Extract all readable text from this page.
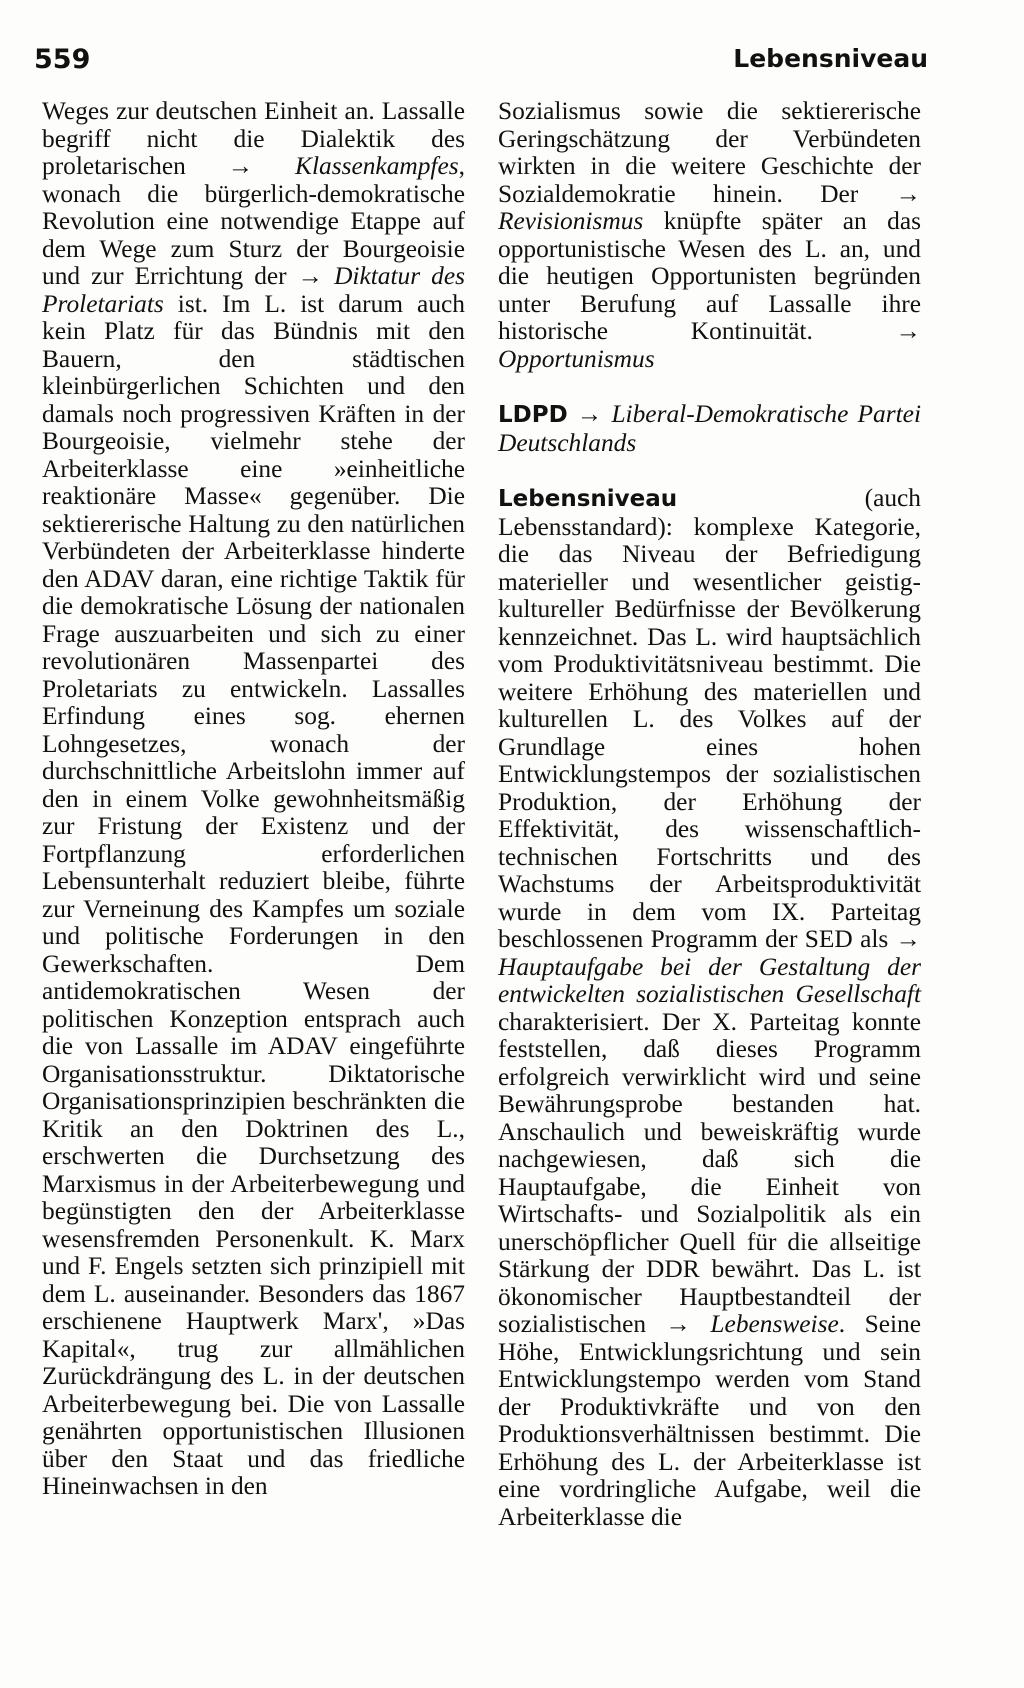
559	Lebensniveau

Weges zur deutschen Einheit an. Lassalle begriff nicht die Dialektik des proletarischen → Klassenkampfes, wonach die bürgerlich-demokratische Revolution eine notwendige Etappe auf dem Wege zum Sturz der Bourgeoisie und zur Errichtung der → Diktatur des Proletariats ist. Im L. ist darum auch kein Platz für das Bündnis mit den Bauern, den städtischen kleinbürgerlichen Schichten und den damals noch progressiven Kräften in der Bourgeoisie, vielmehr stehe der Arbeiterklasse eine »einheitliche reaktionäre Masse« gegenüber. Die sektiererische Haltung zu den natürlichen Verbündeten der Arbeiterklasse hinderte den ADAV daran, eine richtige Taktik für die demokratische Lösung der nationalen Frage auszuarbeiten und sich zu einer revolutionären Massenpartei des Proletariats zu entwickeln. Lassalles Erfindung eines sog. ehernen Lohngesetzes, wonach der durchschnittliche Arbeitslohn immer auf den in einem Volke gewohnheitsmäßig zur Fristung der Existenz und der Fortpflanzung erforderlichen Lebensunterhalt reduziert bleibe, führte zur Verneinung des Kampfes um soziale und politische Forderungen in den Gewerkschaften. Dem antidemokratischen Wesen der politischen Konzeption entsprach auch die von Lassalle im ADAV eingeführte Organisationsstruktur. Diktatorische Organisationsprinzipien beschränkten die Kritik an den Doktrinen des L., erschwerten die Durchsetzung des Marxismus in der Arbeiterbewegung und begünstigten den der Arbeiterklasse wesensfremden Personenkult. K. Marx und F. Engels setzten sich prinzipiell mit dem L. auseinander. Besonders das 1867 erschienene Hauptwerk Marx', »Das Kapital«, trug zur allmählichen Zurückdrängung des L. in der deutschen Arbeiterbewegung bei. Die von Lassalle genährten opportunistischen Illusionen über den Staat und das friedliche Hineinwachsen in den

Sozialismus sowie die sektiererische Geringschätzung der Verbündeten wirkten in die weitere Geschichte der Sozialdemokratie hinein. Der → Revisionismus knüpfte später an das opportunistische Wesen des L. an, und die heutigen Opportunisten begründen unter Berufung auf Lassalle ihre historische Kontinuität. → Opportunismus

LDPD → Liberal-Demokratische Partei Deutschlands

Lebensniveau (auch Lebensstandard): komplexe Kategorie, die das Niveau der Befriedigung materieller und wesentlicher geistig-kultureller Bedürfnisse der Bevölkerung kennzeichnet. Das L. wird hauptsächlich vom Produktivitätsniveau bestimmt. Die weitere Erhöhung des materiellen und kulturellen L. des Volkes auf der Grundlage eines hohen Entwicklungstempos der sozialistischen Produktion, der Erhöhung der Effektivität, des wissenschaftlich-technischen Fortschritts und des Wachstums der Arbeitsproduktivität wurde in dem vom IX. Parteitag beschlossenen Programm der SED als → Hauptaufgabe bei der Gestaltung der entwickelten sozialistischen Gesellschaft charakterisiert. Der X. Parteitag konnte feststellen, daß dieses Programm erfolgreich verwirklicht wird und seine Bewährungsprobe bestanden hat. Anschaulich und beweiskräftig wurde nachgewiesen, daß sich die Hauptaufgabe, die Einheit von Wirtschafts- und Sozialpolitik als ein unerschöpflicher Quell für die allseitige Stärkung der DDR bewährt. Das L. ist ökonomischer Hauptbestandteil der sozialistischen → Lebensweise. Seine Höhe, Entwicklungsrichtung und sein Entwicklungstempo werden vom Stand der Produktivkräfte und von den Produktionsverhältnissen bestimmt. Die Erhöhung des L. der Arbeiterklasse ist eine vordringliche Aufgabe, weil die Arbeiterklasse die
